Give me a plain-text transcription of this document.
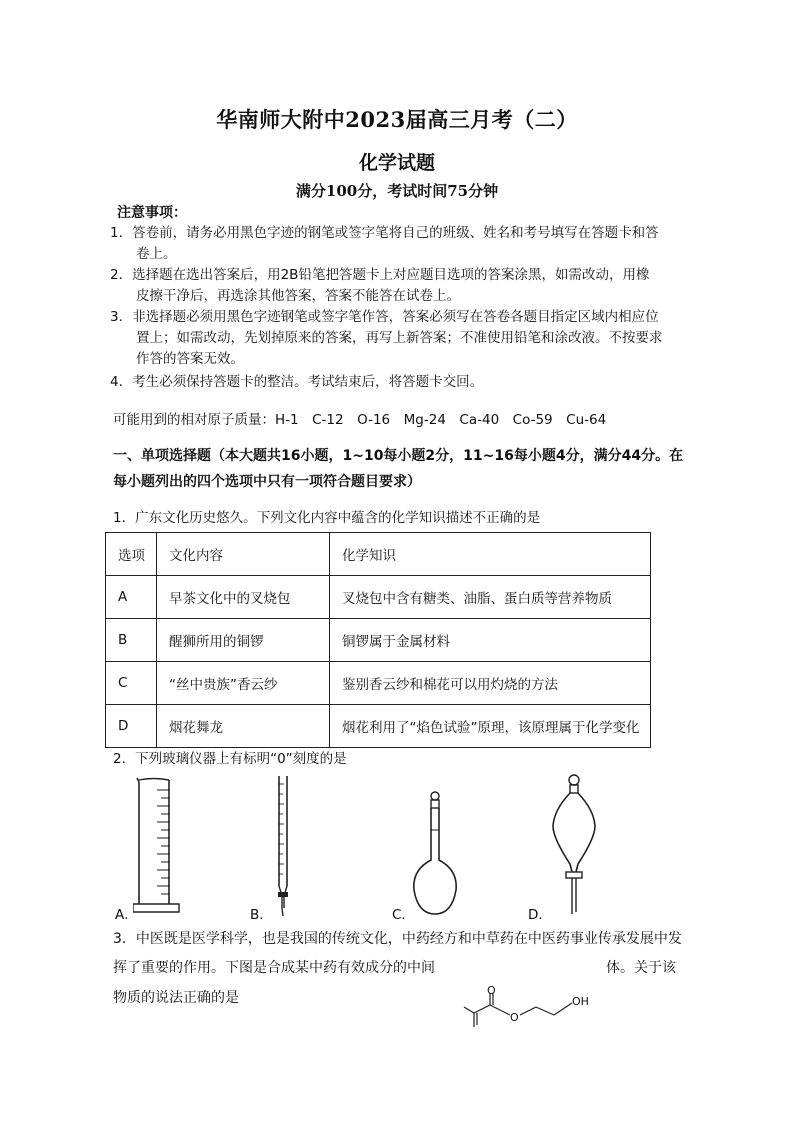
华南师大附中2023届高三月考（二）
化学试题
满分100分，考试时间75分钟
注意事项：
1．答卷前，请务必用黑色字迹的钢笔或签字笔将自己的班级、姓名和考号填写在答题卡和答
卷上。
2．选择题在选出答案后，用2B铅笔把答题卡上对应题目选项的答案涂黑，如需改动，用橡
皮擦干净后，再选涂其他答案，答案不能答在试卷上。
3．非选择题必须用黑色字迹钢笔或签字笔作答，答案必须写在答卷各题目指定区域内相应位
置上；如需改动，先划掉原来的答案，再写上新答案；不准使用铅笔和涂改液。不按要求
作答的答案无效。
4．考生必须保持答题卡的整洁。考试结束后，将答题卡交回。
可能用到的相对原子质量：H-1　C-12　O-16　Mg-24　Ca-40　Co-59　Cu-64
一、单项选择题（本大题共16小题，1~10每小题2分，11~16每小题4分，满分44分。在
每小题列出的四个选项中只有一项符合题目要求）
1．广东文化历史悠久。下列文化内容中蕴含的化学知识描述不正确的是
选项	文化内容	化学知识
A	早茶文化中的叉烧包	叉烧包中含有糖类、油脂、蛋白质等营养物质
B	醒狮所用的铜锣	铜锣属于金属材料
C	“丝中贵族”香云纱	鉴别香云纱和棉花可以用灼烧的方法
D	烟花舞龙	烟花利用了“焰色试验”原理，该原理属于化学变化
2．下列玻璃仪器上有标明“0”刻度的是
A．	B．	C．	D．
3．中医既是医学科学，也是我国的传统文化，中药经方和中草药在中医药事业传承发展中发
挥了重要的作用。下图是合成某中药有效成分的中间	体。关于该
物质的说法正确的是
O
O
OH
